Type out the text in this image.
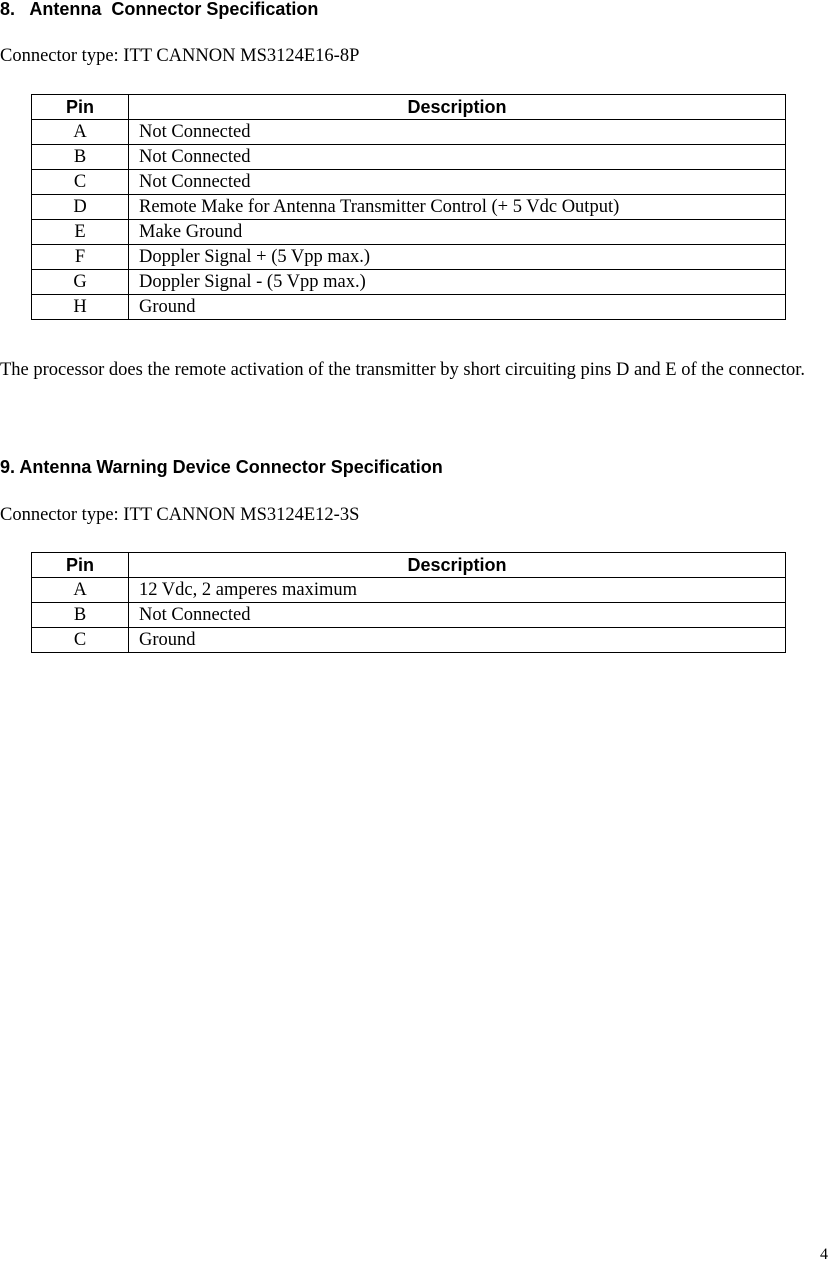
8.   Antenna  Connector Specification

Connector type: ITT CANNON MS3124E16-8P

Pin	Description
A	Not Connected
B	Not Connected
C	Not Connected
D	Remote Make for Antenna Transmitter Control (+ 5 Vdc Output)
E	Make Ground
F	Doppler Signal + (5 Vpp max.)
G	Doppler Signal - (5 Vpp max.)
H	Ground

The processor does the remote activation of the transmitter by short circuiting pins D and E of the connector.

9. Antenna Warning Device Connector Specification

Connector type: ITT CANNON MS3124E12-3S

Pin	Description
A	12 Vdc, 2 amperes maximum
B	Not Connected
C	Ground
4
